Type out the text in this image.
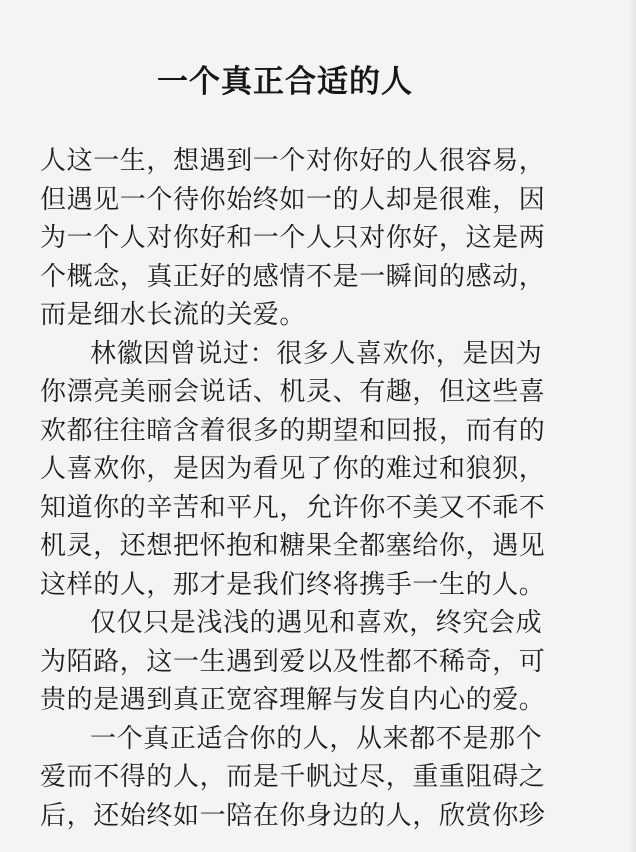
一个真正合适的人
人这一生，想遇到一个对你好的人很容易，
但遇见一个待你始终如一的人却是很难，因
为一个人对你好和一个人只对你好，这是两
个概念，真正好的感情不是一瞬间的感动，
而是细水长流的关爱。
林徽因曾说过：很多人喜欢你，是因为
你漂亮美丽会说话、机灵、有趣，但这些喜
欢都往往暗含着很多的期望和回报，而有的
人喜欢你，是因为看见了你的难过和狼狈，
知道你的辛苦和平凡，允许你不美又不乖不
机灵，还想把怀抱和糖果全都塞给你，遇见
这样的人，那才是我们终将携手一生的人。
仅仅只是浅浅的遇见和喜欢，终究会成
为陌路，这一生遇到爱以及性都不稀奇，可
贵的是遇到真正宽容理解与发自内心的爱。
一个真正适合你的人，从来都不是那个
爱而不得的人，而是千帆过尽，重重阻碍之
后，还始终如一陪在你身边的人，欣赏你珍
